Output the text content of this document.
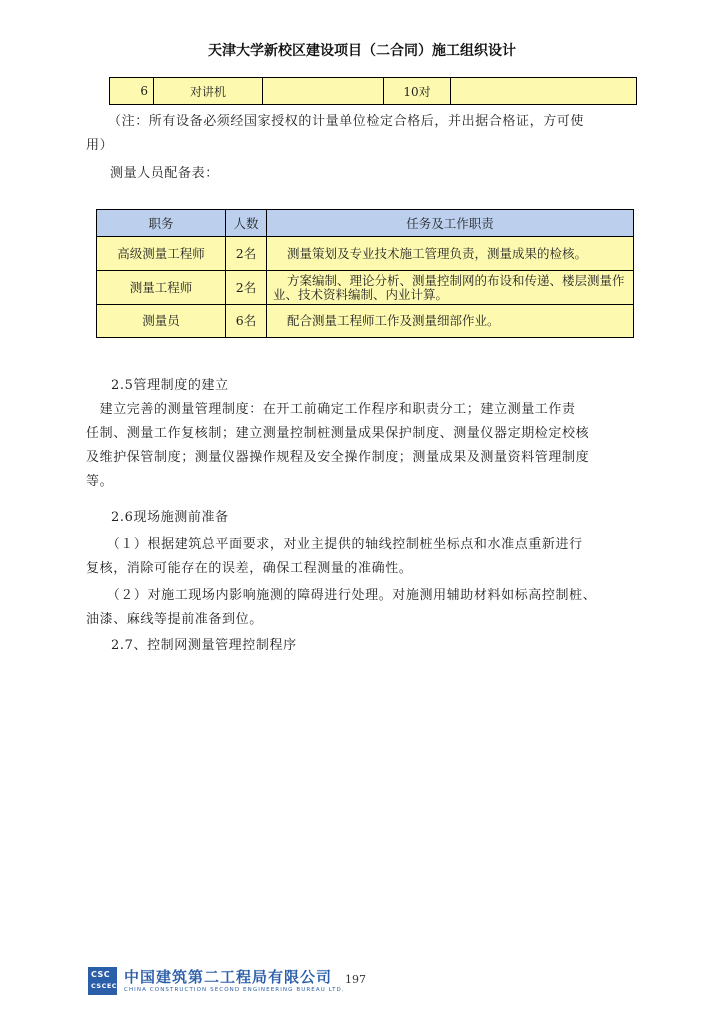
天津大学新校区建设项目（二合同）施工组织设计
6	对讲机		10对	
（注：所有设备必须经国家授权的计量单位检定合格后，并出据合格证，方可使
用）
测量人员配备表：
职务	人数	任务及工作职责
高级测量工程师	2名	测量策划及专业技术施工管理负责，测量成果的检核。
测量工程师	2名	方案编制、理论分析、测量控制网的布设和传递、楼层测量作业、技术资料编制、内业计算。
测量员	6名	配合测量工程师工作及测量细部作业。
2.5管理制度的建立
　建立完善的测量管理制度：在开工前确定工作程序和职责分工；建立测量工作责
任制、测量工作复核制；建立测量控制桩测量成果保护制度、测量仪器定期检定校核
及维护保管制度；测量仪器操作规程及安全操作制度；测量成果及测量资料管理制度
等。
2.6现场施测前准备
　　（１）根据建筑总平面要求，对业主提供的轴线控制桩坐标点和水准点重新进行
复核，消除可能存在的误差，确保工程测量的准确性。
　　（２）对施工现场内影响施测的障碍进行处理。对施测用辅助材料如标高控制桩、
油漆、麻线等提前准备到位。
2.7、控制网测量管理控制程序
CSC
CSCEC 中国建筑第二工程局有限公司
CHINA CONSTRUCTION SECOND ENGINEERING BUREAU LTD.
197
